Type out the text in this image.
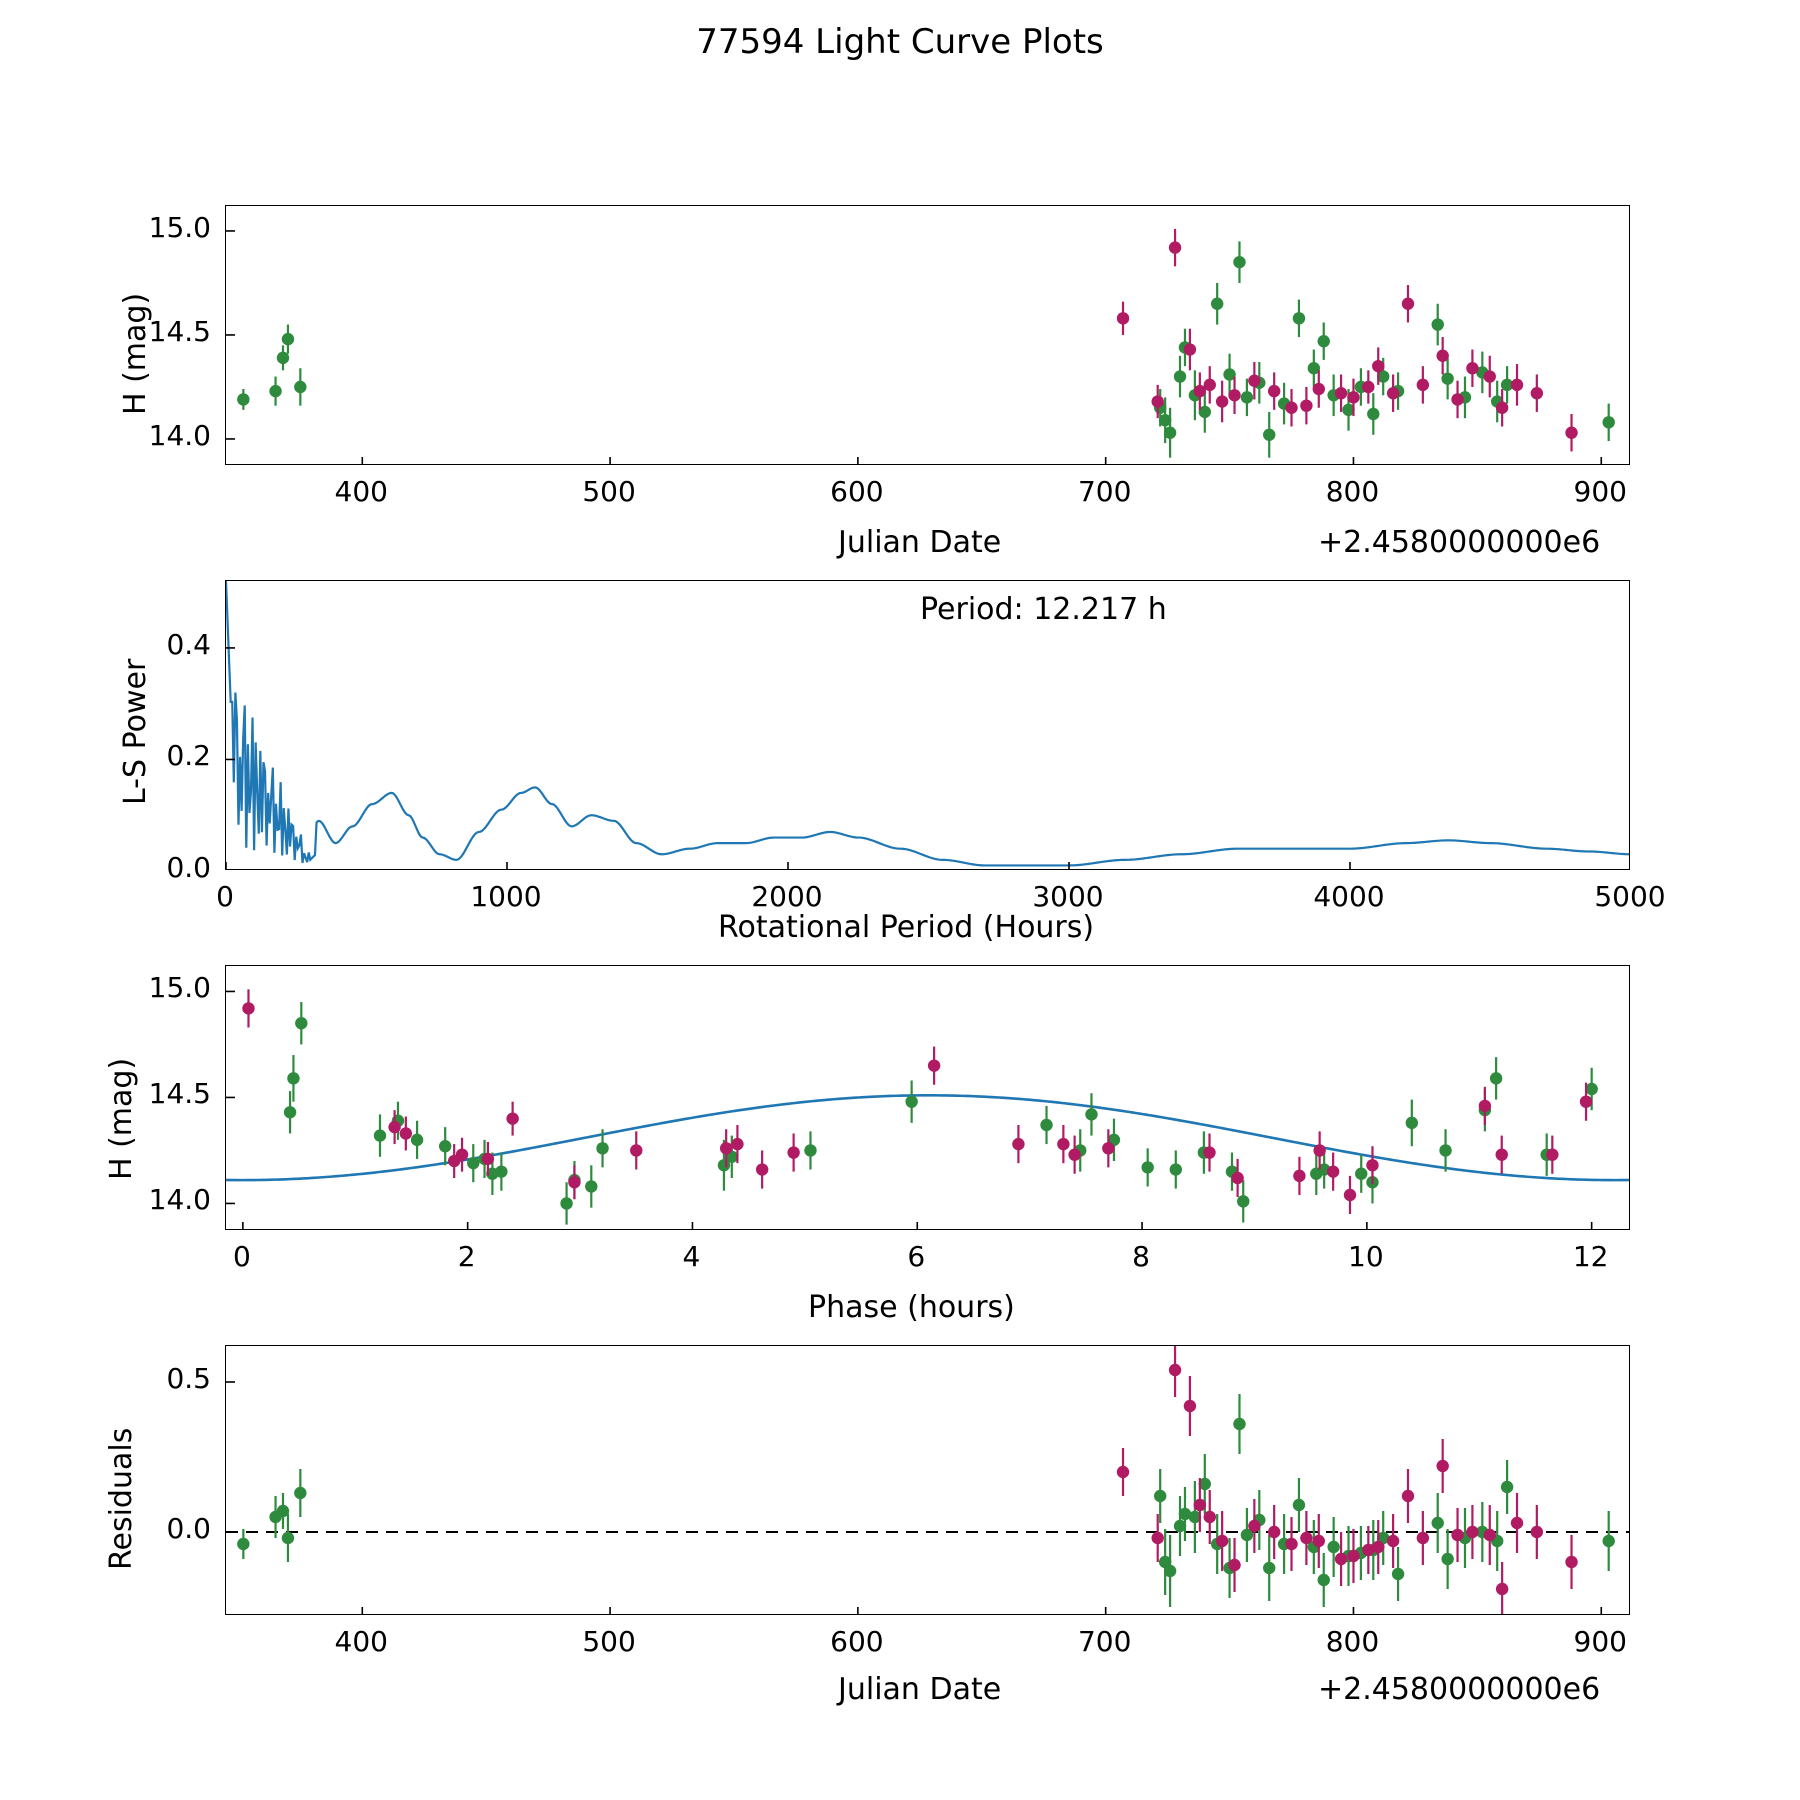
77594 Light Curve Plots
H (mag)
Julian Date	+2.4580000000e6
Period: 12.217 h
L-S Power
Rotational Period (Hours)
H (mag)
Phase (hours)
Residuals
Julian Date	+2.4580000000e6
400	500	600	700	800	900
14.0
14.5
15.0
0	1000	2000	3000	4000	5000
0.0
0.2
0.4
0	2	4	6	8	10	12
14.0
14.5
15.0
400	500	600	700	800	900
0.0
0.5
